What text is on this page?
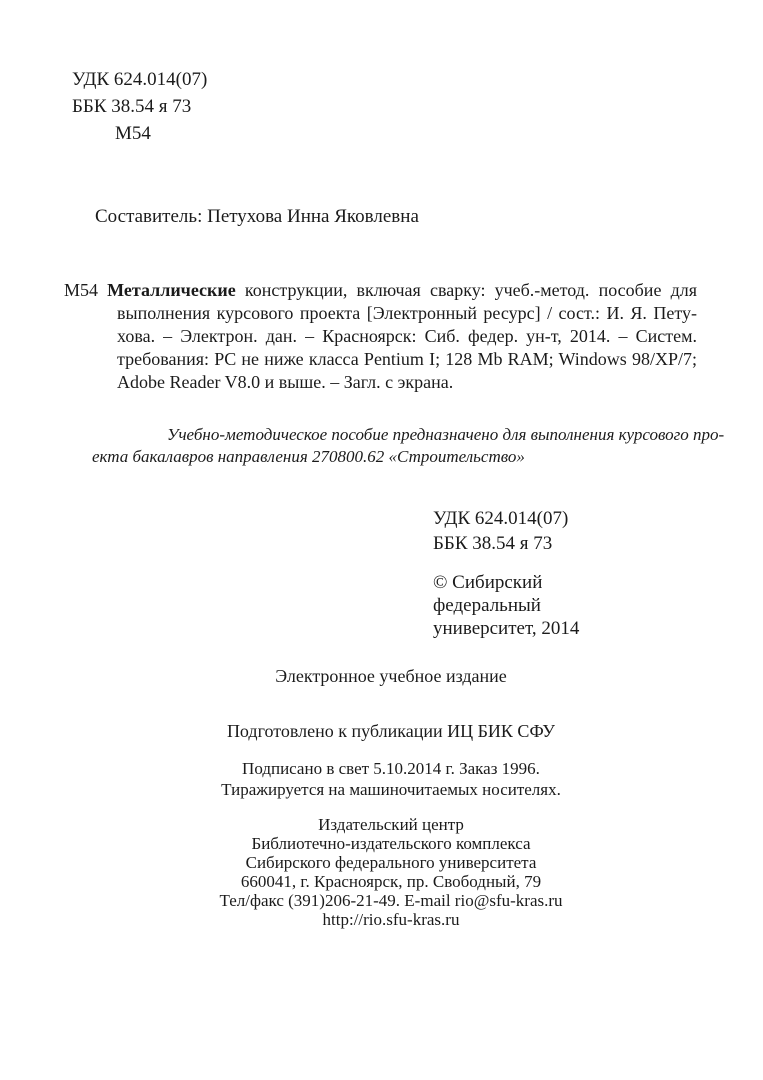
УДК 624.014(07)
ББК 38.54 я 73
М54
Составитель: Петухова Инна Яковлевна
М54 Металлические конструкции, включая сварку: учеб.-метод. пособие для
выполнения курсового проекта [Электронный ресурс] / сост.: И. Я. Пету-
хова. – Электрон. дан. – Красноярск: Сиб. федер. ун-т, 2014. – Систем.
требования: PC не ниже класса Pentium I; 128 Mb RAM; Windows 98/XP/7;
Adobe Reader V8.0 и выше. – Загл. с экрана.
Учебно-методическое пособие предназначено для выполнения курсового про-
екта бакалавров направления 270800.62 «Строительство»
УДК 624.014(07)
ББК 38.54 я 73
© Сибирский
федеральный
университет, 2014
Электронное учебное издание
Подготовлено к публикации ИЦ БИК СФУ
Подписано в свет 5.10.2014 г. Заказ 1996.
Тиражируется на машиночитаемых носителях.
Издательский центр
Библиотечно-издательского комплекса
Сибирского федерального университета
660041, г. Красноярск, пр. Свободный, 79
Тел/факс (391)206-21-49. E-mail rio@sfu-kras.ru
http://rio.sfu-kras.ru
